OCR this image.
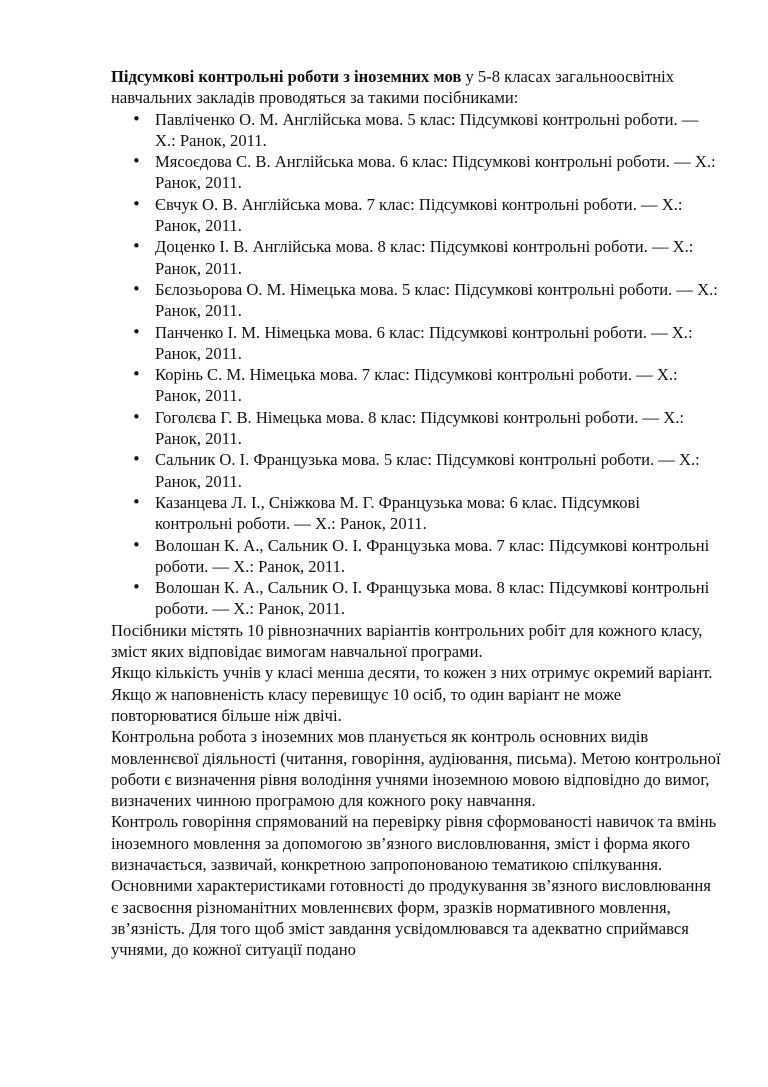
Підсумкові контрольні роботи з іноземних мов у 5-8 класах загальноосвітніх навчальних закладів проводяться за такими посібниками:

• Павліченко О. М. Англійська мова. 5 клас: Підсумкові контрольні роботи. — Х.: Ранок, 2011.
• Мясоєдова С. В. Англійська мова. 6 клас: Підсумкові контрольні роботи. — Х.: Ранок, 2011.
• Євчук О. В. Англійська мова. 7 клас: Підсумкові контрольні роботи. — Х.: Ранок, 2011.
• Доценко І. В. Англійська мова. 8 клас: Підсумкові контрольні роботи. — Х.: Ранок, 2011.
• Бєлозьорова О. М. Німецька мова. 5 клас: Підсумкові контрольні роботи. — Х.: Ранок, 2011.
• Панченко І. М. Німецька мова. 6 клас: Підсумкові контрольні роботи. — Х.: Ранок, 2011.
• Корінь С. М. Німецька мова. 7 клас: Підсумкові контрольні роботи. — Х.: Ранок, 2011.
• Гоголєва Г. В. Німецька мова. 8 клас: Підсумкові контрольні роботи. — Х.: Ранок, 2011.
• Сальник О. І. Французька мова. 5 клас: Підсумкові контрольні роботи. — Х.: Ранок, 2011.
• Казанцева Л. І., Сніжкова М. Г. Французька мова: 6 клас. Підсумкові контрольні роботи. — Х.: Ранок, 2011.
• Волошан К. А., Сальник О. І. Французька мова. 7 клас: Підсумкові контрольні роботи. — Х.: Ранок, 2011.
• Волошан К. А., Сальник О. І. Французька мова. 8 клас: Підсумкові контрольні роботи. — Х.: Ранок, 2011.

Посібники містять 10 рівнозначних варіантів контрольних робіт для кожного класу, зміст яких відповідає вимогам навчальної програми.

Якщо кількість учнів у класі менша десяти, то кожен з них отримує окремий варіант. Якщо ж наповненість класу перевищує 10 осіб, то один варіант не може повторюватися більше ніж двічі.

Контрольна робота з іноземних мов планується як контроль основних видів мовленнєвої діяльності (читання, говоріння, аудіювання, письма). Метою контрольної роботи є визначення рівня володіння учнями іноземною мовою відповідно до вимог, визначених чинною програмою для кожного року навчання.

Контроль говоріння спрямований на перевірку рівня сформованості навичок та вмінь іноземного мовлення за допомогою зв’язного висловлювання, зміст і форма якого визначається, зазвичай, конкретною запропонованою тематикою спілкування. Основними характеристиками готовності до продукування зв’язного висловлювання є засвоєння різноманітних мовленнєвих форм, зразків нормативного мовлення, зв’язність. Для того щоб зміст завдання усвідомлювався та адекватно сприймався учнями, до кожної ситуації подано
